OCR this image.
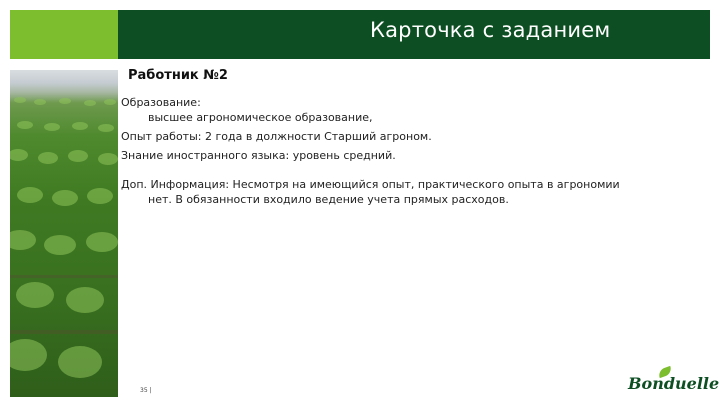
Карточка с заданием
Работник №2
Образование:
высшее агрономическое образование,
Опыт работы: 2 года в должности Старший агроном.
Знание иностранного языка: уровень средний.
Доп. Информация: Несмотря на имеющийся опыт, практического опыта в агрономии
нет. В обязанности входило ведение учета прямых расходов.
35 |	Bonduelle
